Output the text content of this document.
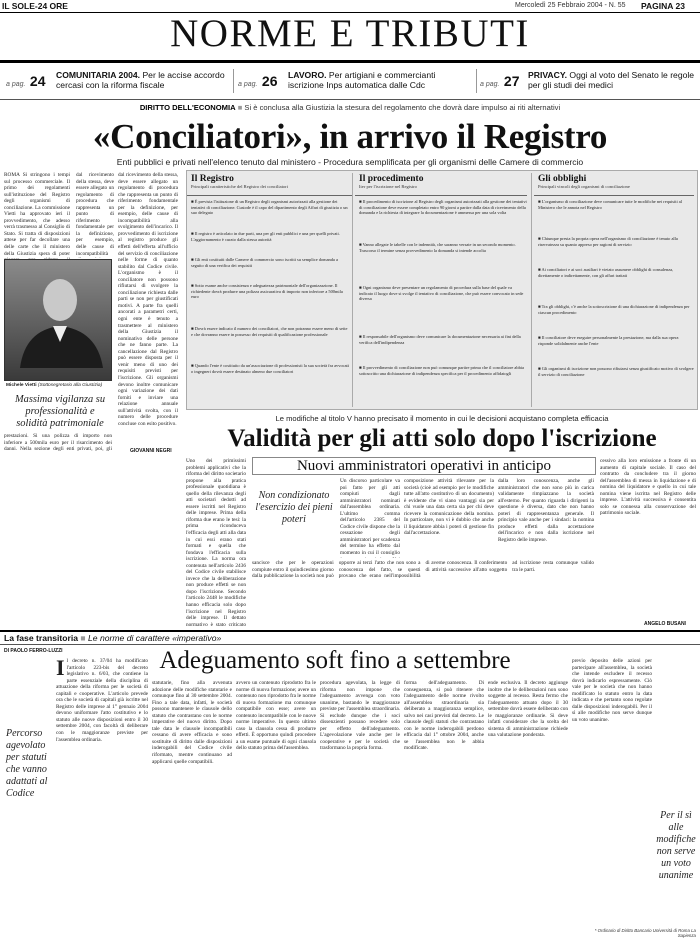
IL SOLE-24 ORE	Mercoledì 25 Febbraio 2004 - N. 55 PAGINA 23
NORME E TRIBUTI
a pag. 24 COMUNITARIA 2004. Per le accise accordo cercasi con la riforma fiscale	a pag. 26 LAVORO. Per artigiani e commercianti iscrizione Inps automatica dalle Cdc	a pag. 27 PRIVACY. Oggi al voto del Senato le regole per gli studi dei medici
DIRITTO DELL'ECONOMIA ■ Si è conclusa alla Giustizia la stesura del regolamento che dovrà dare impulso ai riti alternativi
«Conciliatori», in arrivo il Registro
Enti pubblici e privati nell'elenco tenuto dal ministero - Procedura semplificata per gli organismi delle Camere di commercio
ROMA Si stringono i tempi sul processo commerciale. Il primo dei regolamenti sull'istituzione del Registro degli organismi di conciliazione. La commissione Vietti ha approvato ieri il provvedimento, che adesso verrà trasmesso al Consiglio di Stato. Si tratta di disposizioni attese per far decollare una delle carte che il ministero della Giustizia spera di poter
Michele Vietti (Sottosegretario alla Giustizia)
Massima vigilanza su professionalità e solidità patrimoniale
prestazioni. Si una polizza di importo non inferiore a 500mila euro per il risarcimento dei danni. Nella sezione degli enti privati, poi, gli
dal ricevimento della stessa, deve essere allegato un regolamento di procedura che rappresenta un punto di riferimento fondamentale per la definizione, per esempio, delle cause di incompatibilità
dal ricevimento della stessa, deve essere allegato un regolamento di procedura che rappresenta un punto di riferimento fondamentale per la definizione, per esempio, delle cause di incompatibilità alla svolgimento dell'incarico. Il provvedimento di iscrizione al registro produce gli effetti dell'efferta all'ufficio del servizio di conciliazione nelle forme di quanto stabilito dal Codice civile. L'organismo è il conciliatore non possono rifiutarsi di svolgere la conciliazione richiesta dalle parti se non per giustificati motivi. A parte fra quelli ancorati a parametri certi, ogni ente è tenuto a trasmettere al ministero della Giustizia il nominativo delle persone che ne fanno parte. La cancellazione dal Registro può essere disposta per il venir meno di uno dei requisiti previsti per l'iscrizione. Gli organismi devono inoltre comunicare ogni variazione dei dati forniti e inviare una relazione annuale sull'attività svolta, con il numero delle procedure concluse con esito positivo.
GIOVANNI NEGRI
Il Registro
Principali caratteristiche del Registro dei conciliatori
■ È prevista l'istituzione di un Registro degli organismi autorizzati alla gestione dei tentativi di conciliazione. Custode è il capo del dipartimento degli Affari di giustizia o un suo delegato
■ Il registro è articolato in due parti, una per gli enti pubblici e una per quelli privati. L'aggiornamento è curato dalla stessa autorità
■ Gli enti costituiti dalle Camere di commercio sono iscritti su semplice domanda a seguito di una verifica dei requisiti
■ Sotto esame anche consistenza e adeguatezza patrimoniale dell'organizzazione. Il richiedente dovrà produrre una polizza assicurativa di importo non inferiore a 500mila euro
■ Dovrà essere indicato il numero dei conciliatori, che non potranno essere meno di sette e che dovranno essere in possesso dei requisiti di qualificazione professionale
■ Quando l'ente è costituito da un'associazione di professionisti la sua società fra avvocati o ingegneri dovrà essere destinato almeno due conciliatori
Il procedimento
Iter per l'iscrizione nel Registro
■ Il procedimento di iscrizione al Registro degli organismi autorizzati alla gestione dei tentativi di conciliazione deve essere completato entro 90 giorni a partire dalla data di ricevimento della domanda e la richiesta di integrare la documentazione è ammessa per una sola volta
■ Vanno allegate le tabelle con le indennità, che saranno versate in un secondo momento. Trascorso il termine senza provvedimento la domanda si intende accolta
■ Ogni organismo deve presentare un regolamento di procedura sulla base del quale va indicato il luogo dove si svolge il tentativo di conciliazione, che può essere convocato in sede diversa
■ Il responsabile dell'organismo deve comunicare la documentazione necessaria ai fini della verifica dell'indipendenza
■ Il provvedimento di conciliazione non può comunque partire prima che il conciliatore abbia sottoscritto una dichiarazione di indipendenza specifica per il procedimento affidatogli
Gli obblighi
Principali vincoli degli organismi di conciliazione
■ L'organismo di conciliazione deve comunicare tutte le modifiche nei requisiti al Ministero che le annota nel Registro
■ Chiunque presta la propria opera nell'organismo di conciliazione è tenuto alla riservatezza su quanto appreso per ragioni di servizio
■ Ai conciliatori e ai soci ausiliari è vietato assumere obblighi di consulenza, direttamente o indirettamente, con gli affari trattati
■ Tra gli obblighi, c'è anche la sottoscrizione di una dichiarazione di indipendenza per ciascun procedimento
■ Il conciliatore deve eseguire personalmente la prestazione, ma dalla sua opera risponde solidalmente anche l'ente
■ Gli organismi di iscrizione non possono rifiutarsi senza giustificato motivo di svolgere il servizio di conciliazione
Le modifiche al titolo V hanno precisato il momento in cui le decisioni acquistano completa efficacia
Validità per gli atti solo dopo l'iscrizione
Uno dei primissimi problemi applicativi che la riforma del diritto societario propone alla pratica professionale quotidiana è quello della rilevanza degli atti societari dedotti ad essere iscritti nel Registro delle imprese. Prima della riforma due erano le tesi: la prima riconduceva l'efficacia degli atti alla data in cui essi erano stati formati e quella che fondava l'efficacia sulla iscrizione. La norma ora contenuta nell'articolo 2436 del Codice civile stabilisce invece che la deliberazione non produce effetti se non dopo l'iscrizione. Secondo l'articolo 2448 le modifiche hanno efficacia solo dopo l'iscrizione nel Registro delle imprese. Il dettato normativo è stato criticato
Nuovi amministratori operativi in anticipo
Non condizionato l'esercizio dei pieni poteri
Un discorso particolare va poi fatto per gli atti compiuti dagli amministratori nominati dall'assemblea ordinaria. L'ultimo comma dell'articolo 2385 del Codice civile dispone che la cessazione degli amministratori per scadenza del termine ha effetto dal momento in cui il consiglio
composizione attività rilevante per la società (cioè ad esempio per le modifiche tutte all'atto costitutivo di un documento) è evidente che vi siano vantaggi sia per chi vuole una data certa sia per chi deve ricevere la comunicazione della nomina. In particolare, non vi è dubbio che anche il liquidatore abbia i poteri di gestione fin dall'accettazione.
dalla loro conoscenza, anche gli amministratori che non sono più in carica validamente rimpiazzano la società all'esterno. Per quanto riguarda i dirigenti la questione è diversa, dato che non hanno poteri di rappresentanza generale. Il principio vale anche per i sindaci: la nomina produce effetti dalla accettazione dell'incarico e non dalla iscrizione nel Registro delle imprese.
sancisce che per le operazioni compiute entro il quindicesimo giorno dalla pubblicazione la società non può opporre ai terzi l'atto che non sono a conoscenza del fatto, se questi provano che erano nell'impossibilità di averne conoscenza. Il conferimento di attività successive all'atto soggetto ad iscrizione resta comunque valido tra le parti.
cessivo alla loro emissione a fronte di un aumento di capitale sociale. Il caso del contratto da concludere tra il giorno dell'assemblea di messa in liquidazione e di nomina del liquidatore e quello in cui tale nomina viene iscritta nel Registro delle imprese. L'attività successiva è consentita solo se connessa alla conservazione del patrimonio sociale.
ANGELO BUSANI
La fase transitoria ■ Le norme di carattere «imperativo»
DI PAOLO FERRO-LUZZI	Adeguamento soft fino a settembre
Percorso agevolato per statuti che vanno adattati al Codice
Il decreto n. 37/04 ha modificato l'articolo 223-bis del decreto legislativo n. 6/03, che contiene la parte essenziale della disciplina di attuazione della riforma per le società di capitali e cooperative. L'articolo prevede ora che le società di capitali già iscritte nel Registro delle imprese al 1° gennaio 2004 devono uniformare l'atto costitutivo e lo statuto alle nuove disposizioni entro il 30 settembre 2004, con facoltà di deliberare con le maggioranze previste per l'assemblea ordinaria.
statutarie, fino alla avvenuta adozione delle modifiche statutarie e comunque fino al 30 settembre 2004. Fino a tale data, infatti, le società possono mantenere le clausole dello statuto che contrastano con le norme imperative del nuovo diritto. Dopo tale data le clausole incompatibili cessano di avere efficacia e sono sostituite di diritto dalle disposizioni inderogabili del Codice civile riformato, mentre continuano ad applicarsi quelle compatibili.
avvero un contenuto riprodotto fra le norme di nuova formazione; avere un contenuto non riprodotto fra le norme di nuova formazione ma comunque compatibile con esse; avere un contenuto incompatibile con le nuove norme imperative. In questo ultimo caso la clausola cessa di produrre effetti. È opportuno quindi procedere a un esame puntuale di ogni clausola dello statuto prima dell'assemblea.
procedura agevolata, la legge di riforma non impone che l'adeguamento avvenga con voto unanime, bastando le maggioranze previste per l'assemblea straordinaria. Si esclude dunque che i soci dissenzienti possano recedere solo per effetto dell'adeguamento. L'agevolazione vale anche per le cooperative e per le società che trasformano la propria forma.
forma dell'adeguamento. Di conseguenza, si può ritenere che l'adeguamento delle norme rivolto all'assemblea straordinaria sia deliberato a maggioranza semplice, salvo nei casi previsti dal decreto. Le clausole degli statuti che contrastano con le norme inderogabili perdono efficacia dal 1° ottobre 2004, anche se l'assemblea non le abbia modificate.
ende esclusiva. Il decreto aggiunge inoltre che le deliberazioni non sono soggette al recesso. Resta fermo che l'adeguamento attuato dopo il 30 settembre dovrà essere deliberato con le maggioranze ordinarie. Si deve infatti considerare che la scelta del sistema di amministrazione richiede una valutazione ponderata.
previo deposito delle azioni per partecipare all'assemblea, la società che intende escludere il recesso dovrà indicarlo espressamente. Ciò vale per le società che non hanno modificato lo statuto entro la data indicata e che pertanto sono regolate dalle disposizioni inderogabili. Per il sì alle modifiche non serve dunque un voto unanime.
Per il sì alle modifiche non serve un voto unanime
* Ordinario di Diritto Bancario Università di Roma La Sapienza
